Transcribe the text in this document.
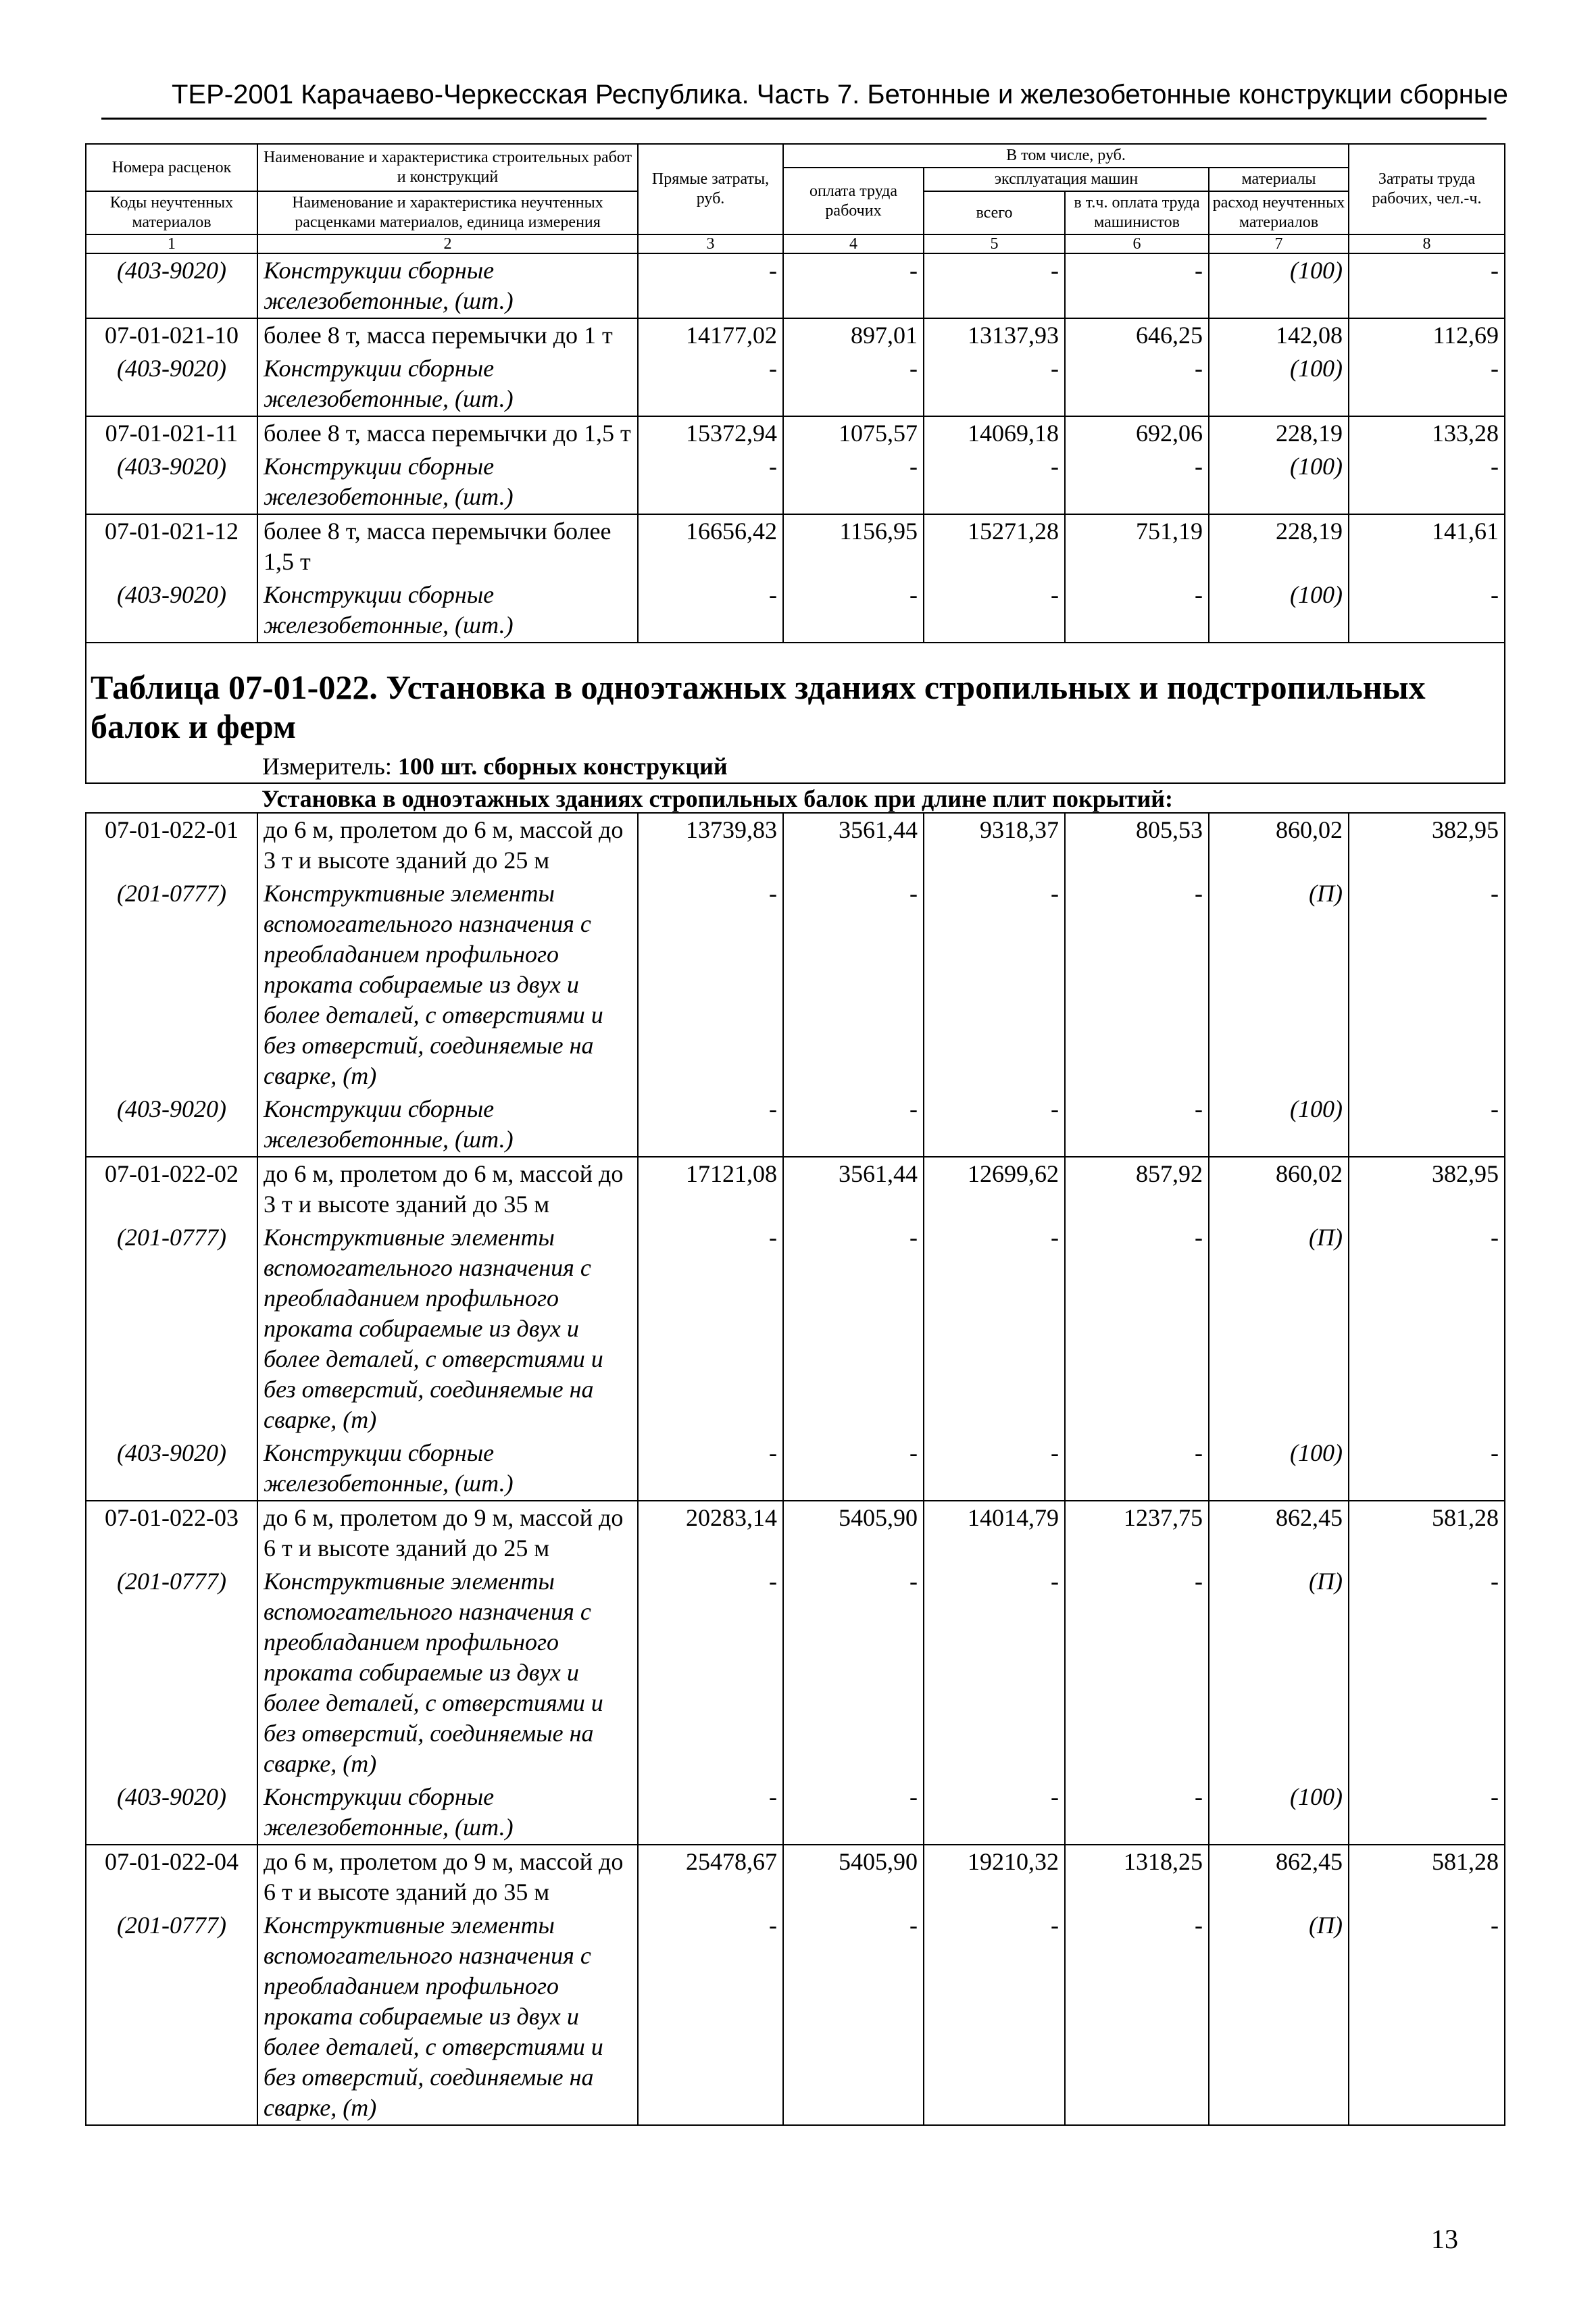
ТЕР-2001 Карачаево-Черкесская Республика. Часть 7. Бетонные и железобетонные конструкции сборные
Номера расценок	Наименование и характеристика строительных работ и конструкций	Прямые затраты, руб.	В том числе, руб.				Затраты труда рабочих, чел.-ч.
			оплата труда рабочих	эксплуатация машин		материалы	
Коды неучтенных материалов	Наименование и характеристика неучтенных расценками материалов, единица измерения			всего	в т.ч. оплата труда машинистов	расход неучтенных материалов	

1	2	3	4	5	6	7	8
(403-9020)	Конструкции сборные железобетонные, (шт.)	-	-	-	-	(100)	-
07-01-021-10	более 8 т, масса перемычки до 1 т	14177,02	897,01	13137,93	646,25	142,08	112,69
(403-9020)	Конструкции сборные железобетонные, (шт.)	-	-	-	-	(100)	-
07-01-021-11	более 8 т, масса перемычки до 1,5 т	15372,94	1075,57	14069,18	692,06	228,19	133,28
(403-9020)	Конструкции сборные железобетонные, (шт.)	-	-	-	-	(100)	-
07-01-021-12	более 8 т, масса перемычки более 1,5 т	16656,42	1156,95	15271,28	751,19	228,19	141,61
(403-9020)	Конструкции сборные железобетонные, (шт.)	-	-	-	-	(100)	-
Таблица 07-01-022. Установка в одноэтажных зданиях стропильных и подстропильных балок и ферм							
Измеритель: 100 шт. сборных конструкций							
Установка в одноэтажных зданиях стропильных балок при длине плит покрытий:							
07-01-022-01	до 6 м, пролетом до 6 м, массой до 3 т и высоте зданий до 25 м	13739,83	3561,44	9318,37	805,53	860,02	382,95
(201-0777)	Конструктивные элементы вспомогательного назначения с преобладанием профильного проката собираемые из двух и более деталей, с отверстиями и без отверстий, соединяемые на сварке, (т)	-	-	-	-	(П)	-
(403-9020)	Конструкции сборные железобетонные, (шт.)	-	-	-	-	(100)	-
07-01-022-02	до 6 м, пролетом до 6 м, массой до 3 т и высоте зданий до 35 м	17121,08	3561,44	12699,62	857,92	860,02	382,95
(201-0777)	Конструктивные элементы вспомогательного назначения с преобладанием профильного проката собираемые из двух и более деталей, с отверстиями и без отверстий, соединяемые на сварке, (т)	-	-	-	-	(П)	-
(403-9020)	Конструкции сборные железобетонные, (шт.)	-	-	-	-	(100)	-
07-01-022-03	до 6 м, пролетом до 9 м, массой до 6 т и высоте зданий до 25 м	20283,14	5405,90	14014,79	1237,75	862,45	581,28
(201-0777)	Конструктивные элементы вспомогательного назначения с преобладанием профильного проката собираемые из двух и более деталей, с отверстиями и без отверстий, соединяемые на сварке, (т)	-	-	-	-	(П)	-
(403-9020)	Конструкции сборные железобетонные, (шт.)	-	-	-	-	(100)	-
07-01-022-04	до 6 м, пролетом до 9 м, массой до 6 т и высоте зданий до 35 м	25478,67	5405,90	19210,32	1318,25	862,45	581,28
(201-0777)	Конструктивные элементы вспомогательного назначения с преобладанием профильного проката собираемые из двух и более деталей, с отверстиями и без отверстий, соединяемые на сварке, (т)	-	-	-	-	(П)	-
13
